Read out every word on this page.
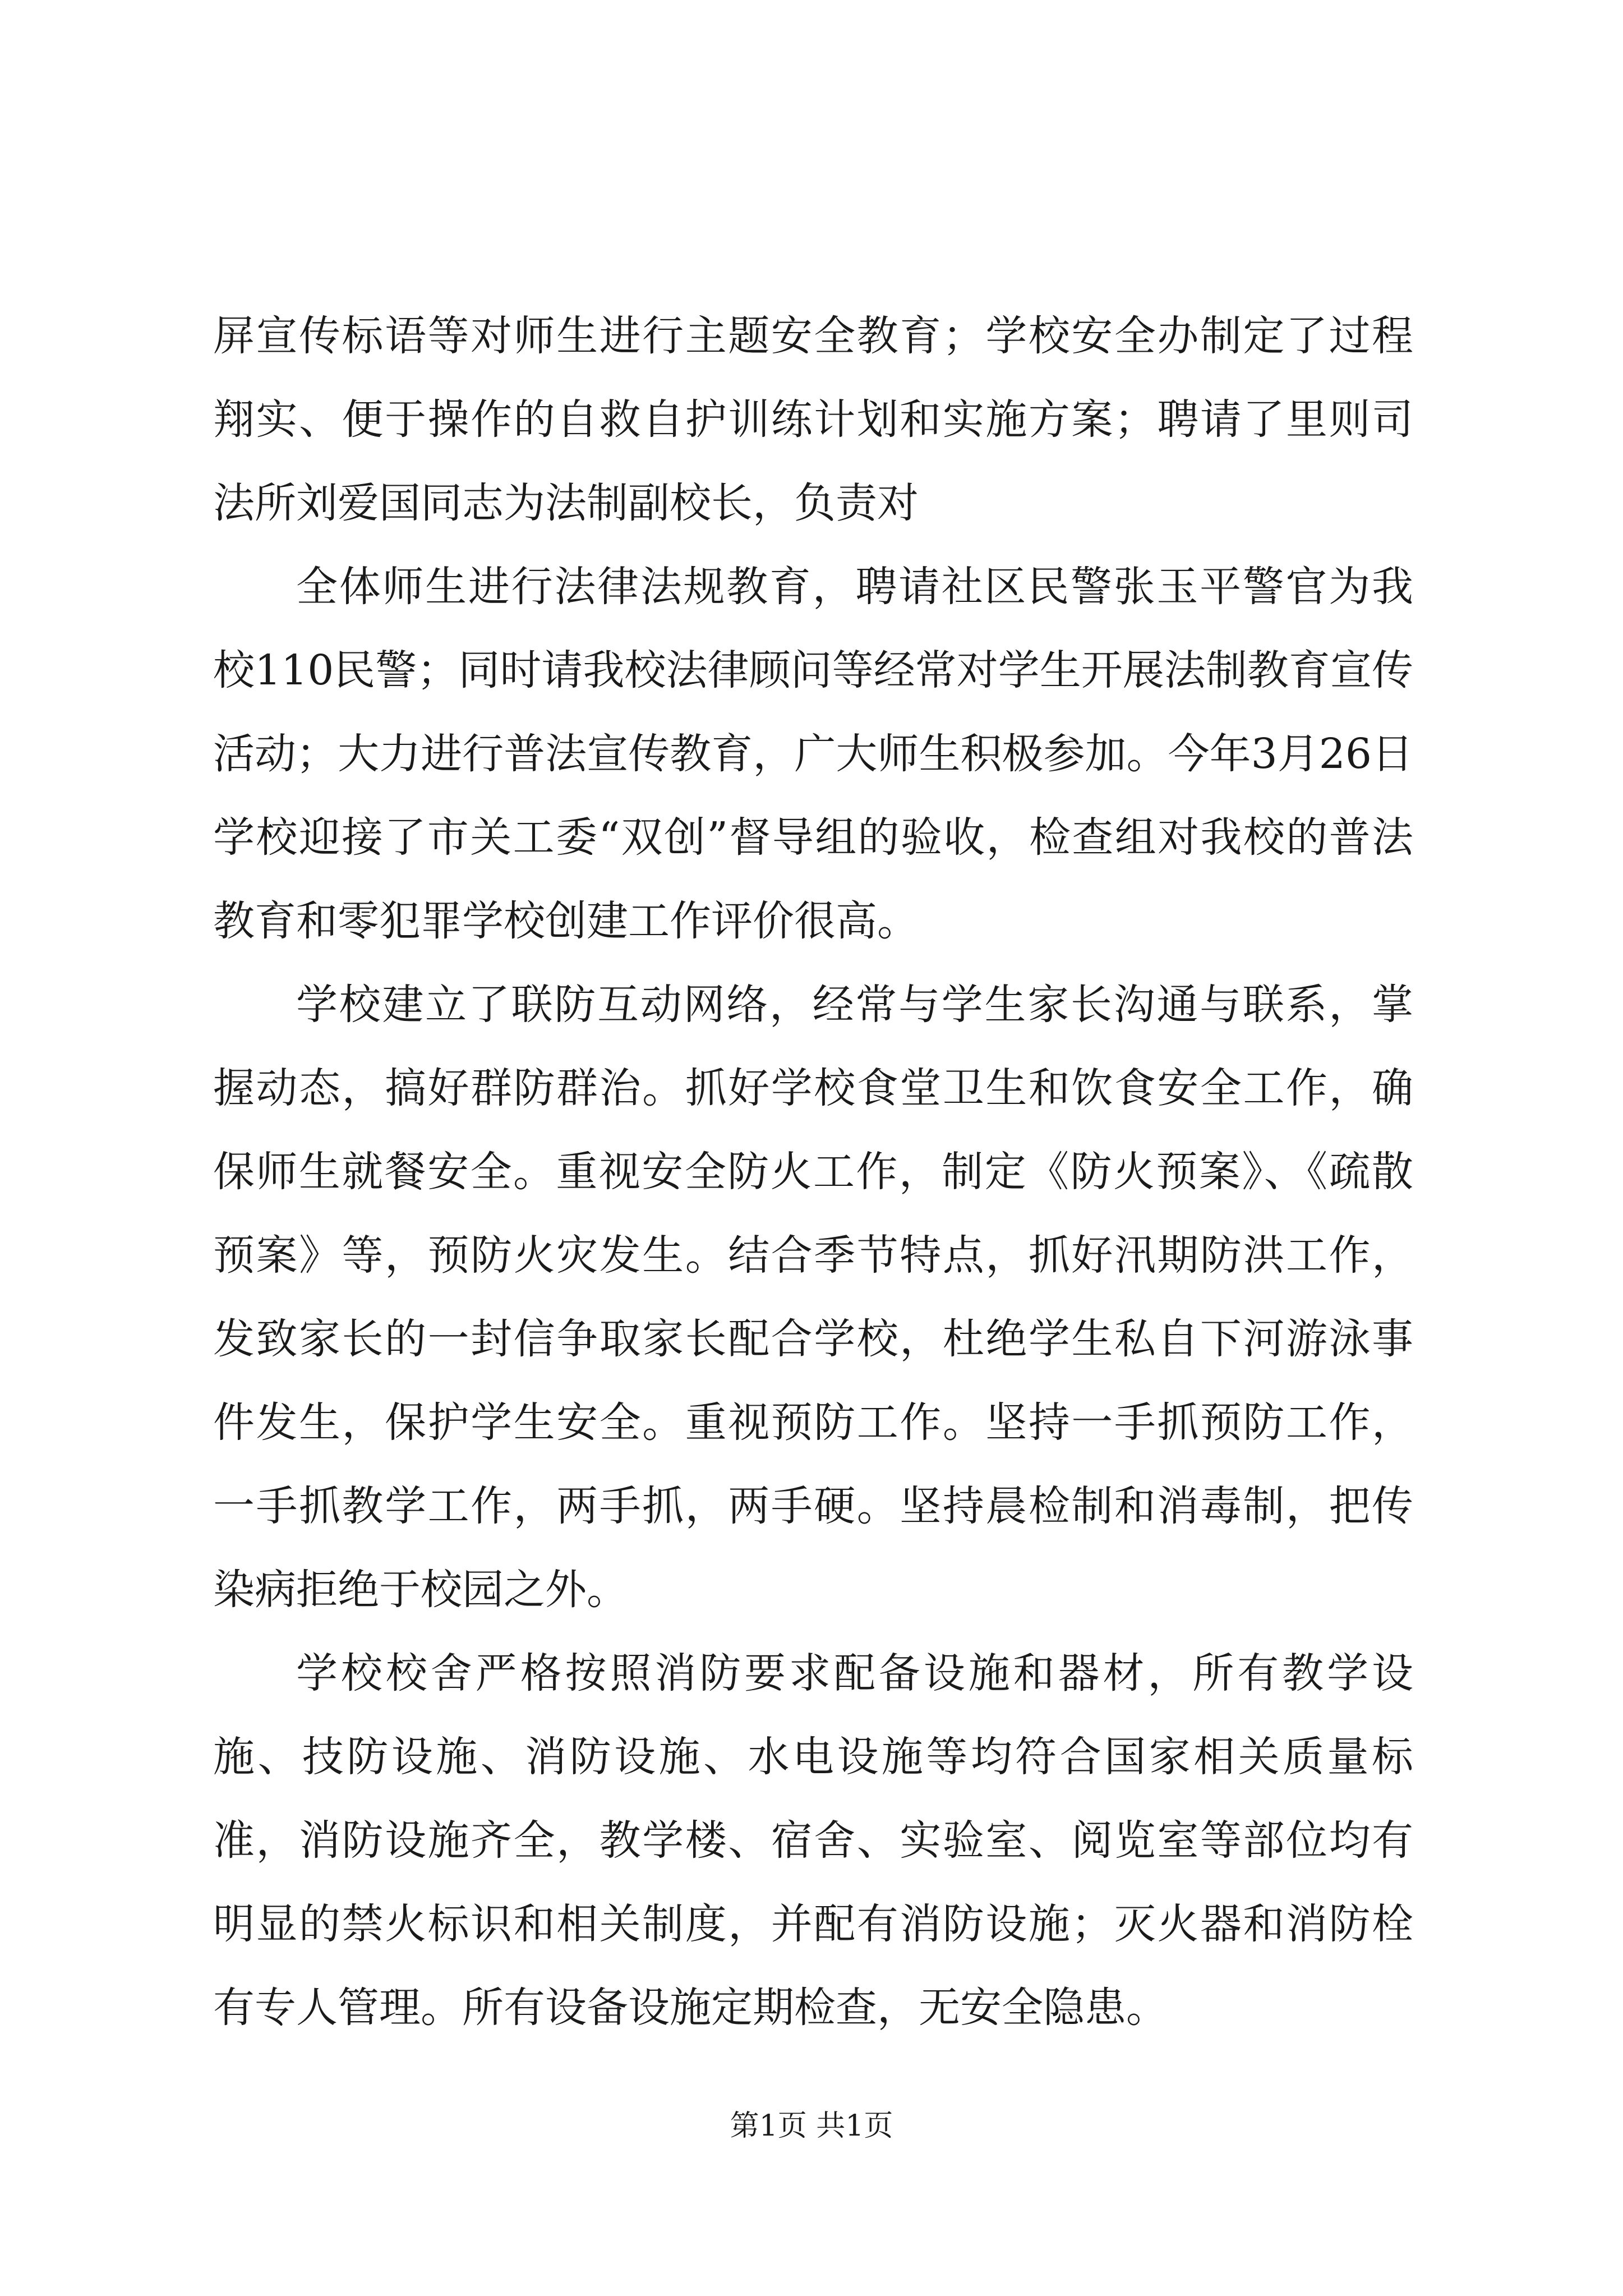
屏宣传标语等对师生进行主题安全教育；学校安全办制定了过程翔实、便于操作的自救自护训练计划和实施方案；聘请了里则司法所刘爱国同志为法制副校长，负责对

全体师生进行法律法规教育，聘请社区民警张玉平警官为我校110民警；同时请我校法律顾问等经常对学生开展法制教育宣传活动；大力进行普法宣传教育，广大师生积极参加。今年3月26日学校迎接了市关工委“双创”督导组的验收，检查组对我校的普法教育和零犯罪学校创建工作评价很高。

学校建立了联防互动网络，经常与学生家长沟通与联系，掌握动态，搞好群防群治。抓好学校食堂卫生和饮食安全工作，确保师生就餐安全。重视安全防火工作，制定《防火预案》、《疏散预案》等，预防火灾发生。结合季节特点，抓好汛期防洪工作，发致家长的一封信争取家长配合学校，杜绝学生私自下河游泳事件发生，保护学生安全。重视预防工作。坚持一手抓预防工作，一手抓教学工作，两手抓，两手硬。坚持晨检制和消毒制，把传染病拒绝于校园之外。

学校校舍严格按照消防要求配备设施和器材，所有教学设施、技防设施、消防设施、水电设施等均符合国家相关质量标准，消防设施齐全，教学楼、宿舍、实验室、阅览室等部位均有明显的禁火标识和相关制度，并配有消防设施；灭火器和消防栓有专人管理。所有设备设施定期检查，无安全隐患。

第1页 共1页
